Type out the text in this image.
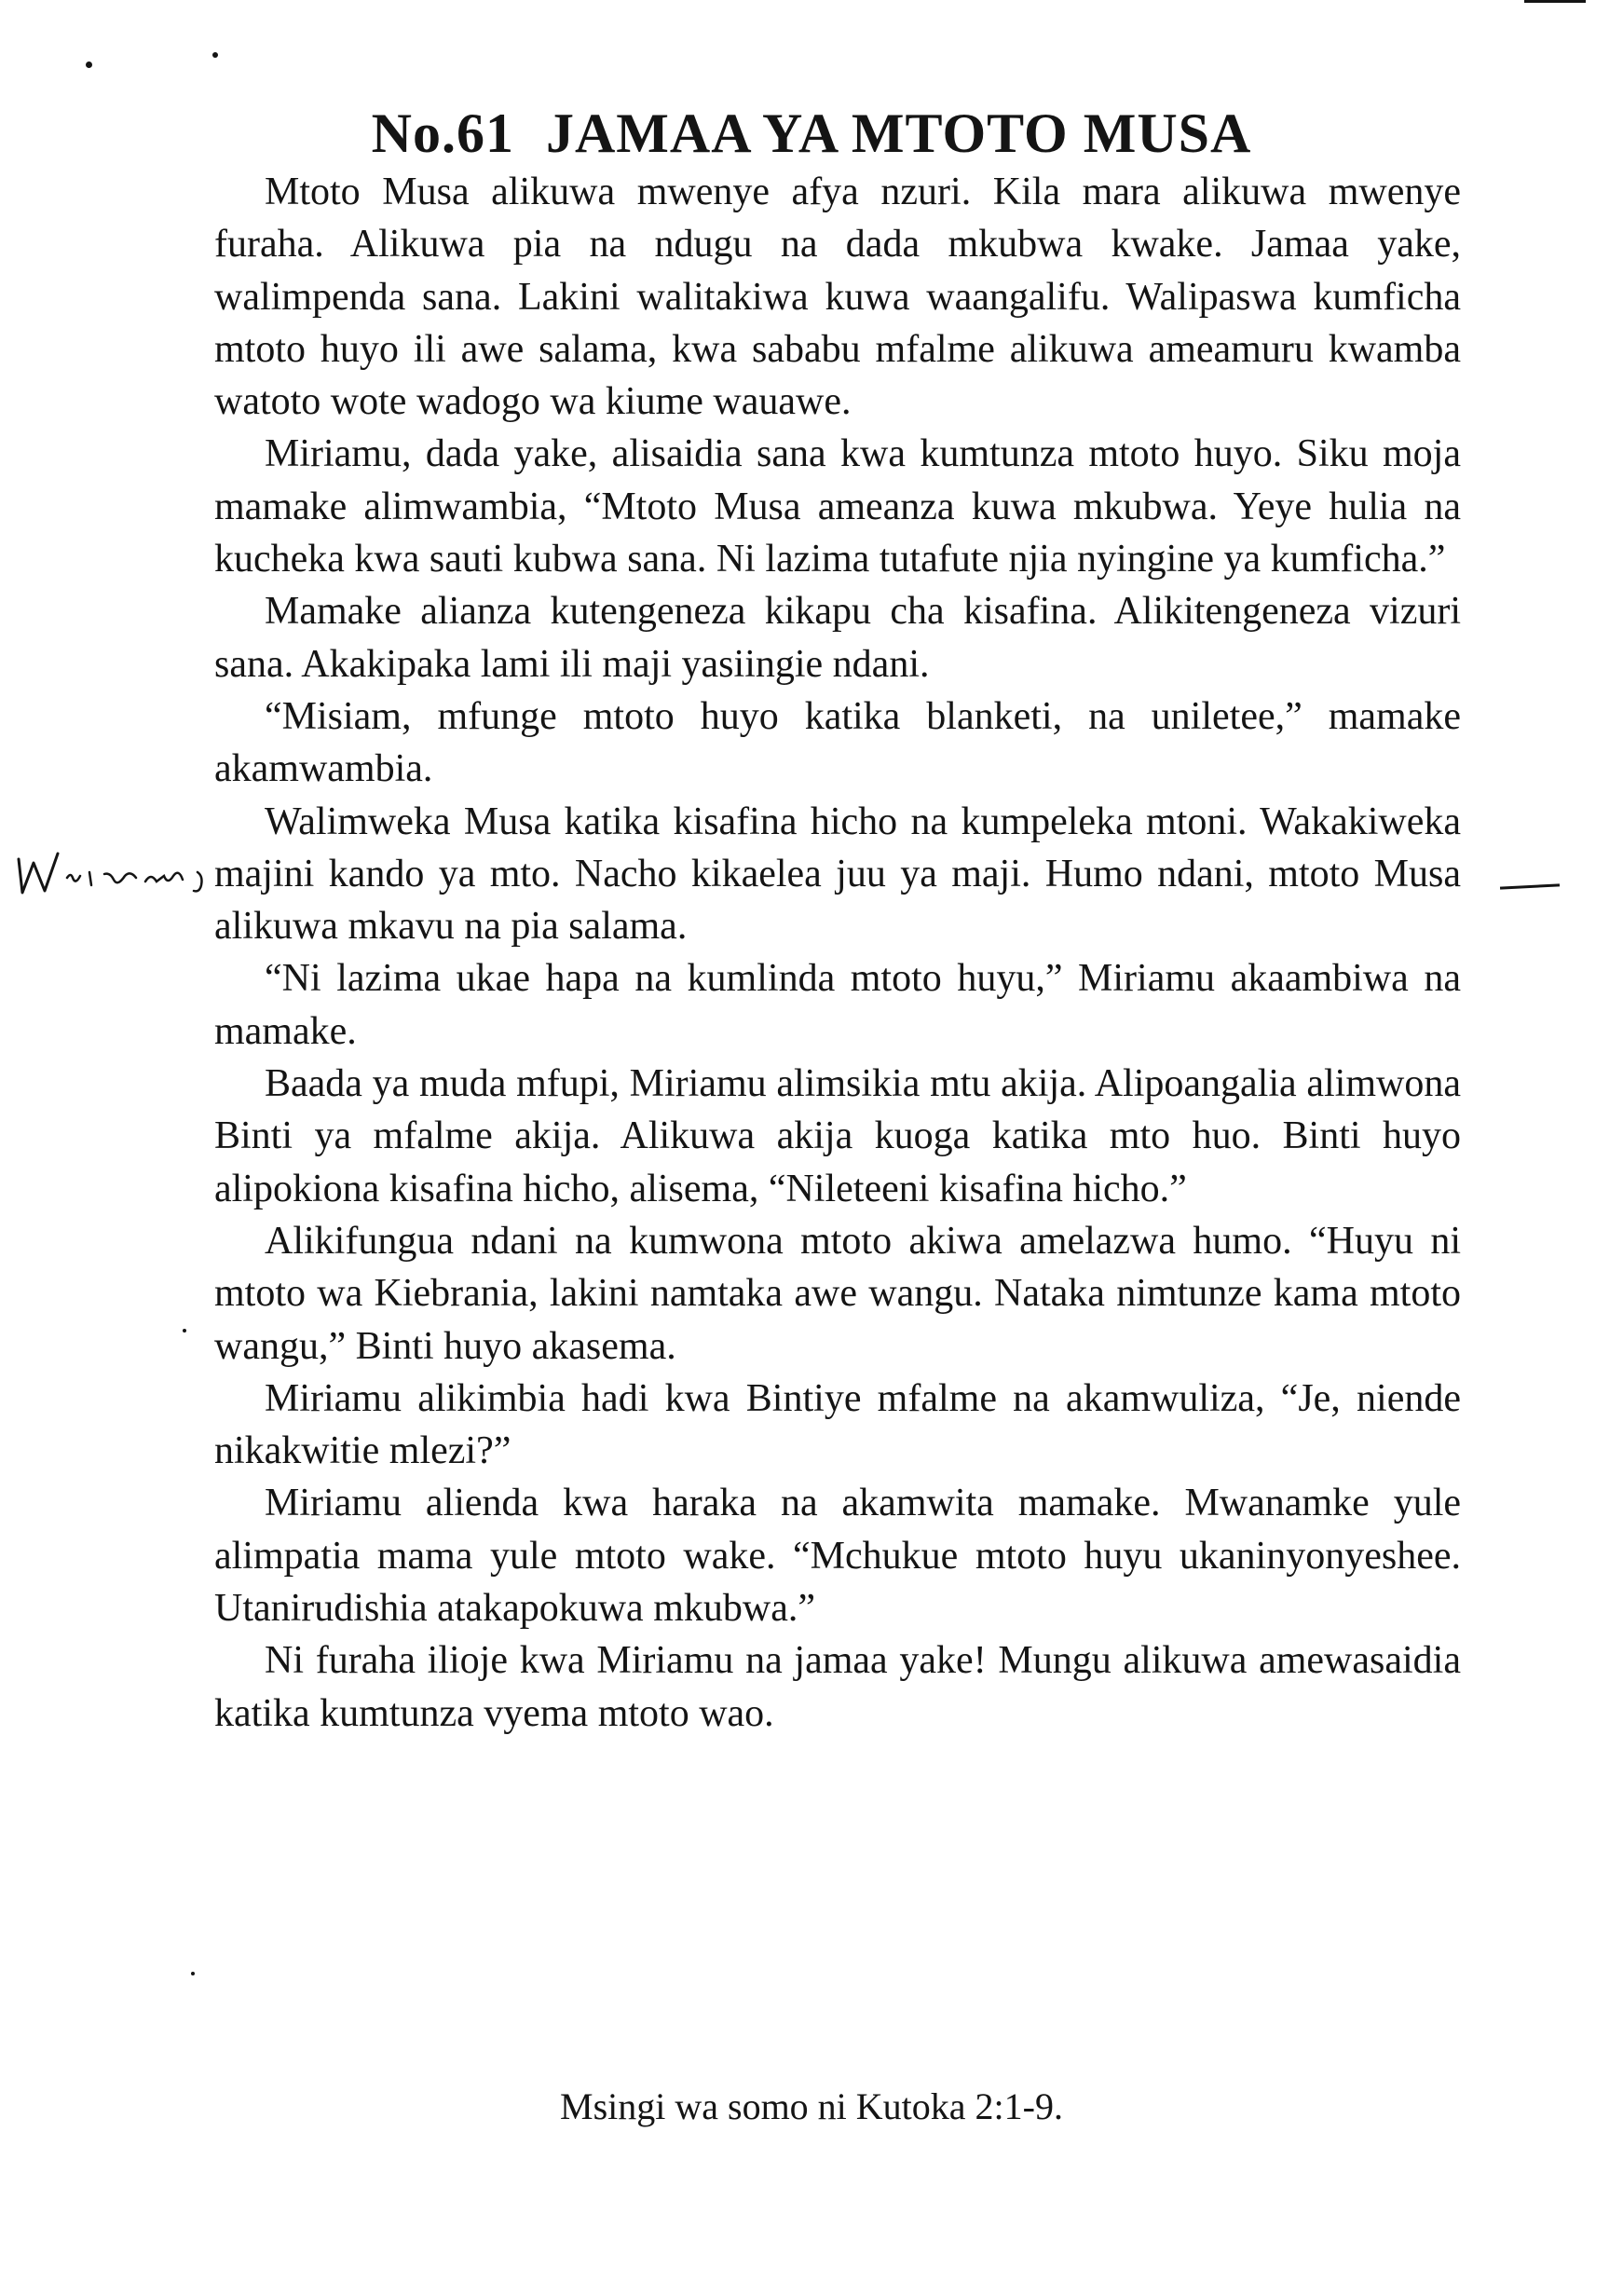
No.61 JAMAA YA MTOTO MUSA

Mtoto Musa alikuwa mwenye afya nzuri. Kila mara alikuwa mwenye furaha. Alikuwa pia na ndugu na dada mkubwa kwake. Jamaa yake, walimpenda sana. Lakini walitakiwa kuwa waangalifu. Walipaswa kumficha mtoto huyo ili awe salama, kwa sababu mfalme alikuwa ameamuru kwamba watoto wote wadogo wa kiume wauawe.

Miriamu, dada yake, alisaidia sana kwa kumtunza mtoto huyo. Siku moja mamake alimwambia, “Mtoto Musa ameanza kuwa mkubwa. Yeye hulia na kucheka kwa sauti kubwa sana. Ni lazima tutafute njia nyingine ya kumficha.”

Mamake alianza kutengeneza kikapu cha kisafina. Alikitengeneza vizuri sana. Akakipaka lami ili maji yasiingie ndani.

“Misiam, mfunge mtoto huyo katika blanketi, na uniletee,” mamake akamwambia.

Walimweka Musa katika kisafina hicho na kumpeleka mtoni. Wakakiweka majini kando ya mto. Nacho kikaelea juu ya maji. Humo ndani, mtoto Musa alikuwa mkavu na pia salama.

“Ni lazima ukae hapa na kumlinda mtoto huyu,” Miriamu akaambiwa na mamake.

Baada ya muda mfupi, Miriamu alimsikia mtu akija. Alipoangalia alimwona Binti ya mfalme akija. Alikuwa akija kuoga katika mto huo. Binti huyo alipokiona kisafina hicho, alisema, “Nileteeni kisafina hicho.”

Alikifungua ndani na kumwona mtoto akiwa amelazwa humo. “Huyu ni mtoto wa Kiebrania, lakini namtaka awe wangu. Nataka nimtunze kama mtoto wangu,” Binti huyo akasema.

Miriamu alikimbia hadi kwa Bintiye mfalme na akamwuliza, “Je, niende nikakwitie mlezi?”

Miriamu alienda kwa haraka na akamwita mamake. Mwanamke yule alimpatia mama yule mtoto wake. “Mchukue mtoto huyu ukaninyonyeshee. Utanirudishia atakapokuwa mkubwa.”

Ni furaha ilioje kwa Miriamu na jamaa yake! Mungu alikuwa amewasaidia katika kumtunza vyema mtoto wao.

Msingi wa somo ni Kutoka 2:1-9.
